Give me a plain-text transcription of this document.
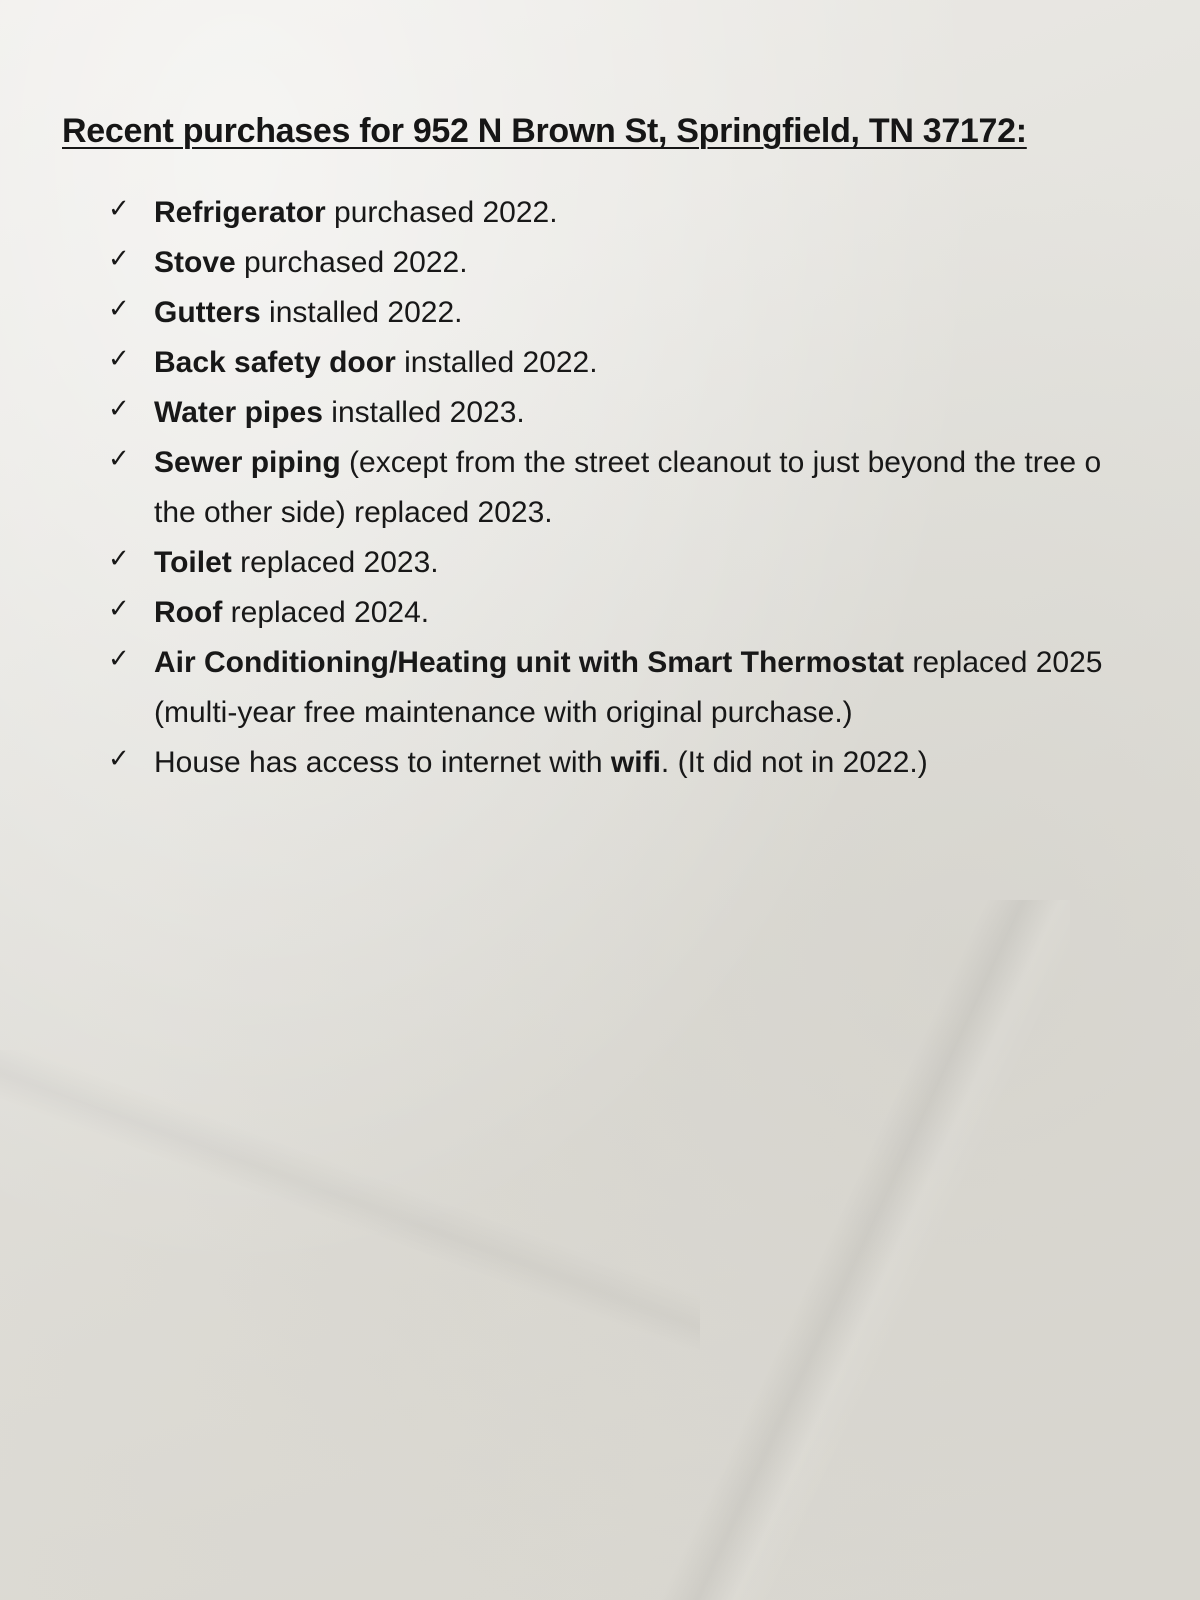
Recent purchases for 952 N Brown St, Springfield, TN 37172:
✓ Refrigerator purchased 2022.
✓ Stove purchased 2022.
✓ Gutters installed 2022.
✓ Back safety door installed 2022.
✓ Water pipes installed 2023.
✓ Sewer piping (except from the street cleanout to just beyond the tree o
the other side) replaced 2023.
✓ Toilet replaced 2023.
✓ Roof replaced 2024.
✓ Air Conditioning/Heating unit with Smart Thermostat replaced 2025
(multi-year free maintenance with original purchase.)
✓ House has access to internet with wifi. (It did not in 2022.)
